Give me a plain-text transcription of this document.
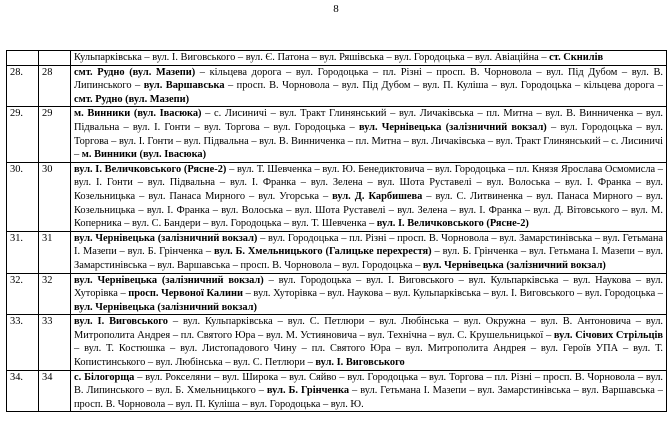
8
		Кульпарківська – вул. І. Виговського – вул. Є. Патона – вул. Ряшівська – вул. Городоцька – вул. Авіаційна – ст. Скнилів
28.	28	смт. Рудно (вул. Мазепи) – кільцева дорога – вул. Городоцька – пл. Різні – просп. В. Чорновола – вул. Під Дубом – вул. В. Липинського – вул. Варшавська – просп. В. Чорновола – вул. Під Дубом – вул. П. Куліша – вул. Городоцька – кільцева дорога – смт. Рудно (вул. Мазепи)
29.	29	м. Винники (вул. Івасюка) – с. Лисиничі – вул. Тракт Глинянський – вул. Личаківська – пл. Митна – вул. В. Винниченка – вул. Підвальна – вул. І. Гонти – вул. Торгова – вул. Городоцька – вул. Чернівецька (залізничний вокзал) – вул. Городоцька – вул. Торгова – вул. І. Гонти – вул. Підвальна – вул. В. Винниченка – пл. Митна – вул. Личаківська – вул. Тракт Глинянський – с. Лисиничі – м. Винники (вул. Івасюка)
30.	30	вул. І. Величковського (Рясне-2) – вул. Т. Шевченка – вул. Ю. Бенедиктовича – вул. Городоцька – пл. Князя Ярослава Осмомисла – вул. І. Гонти – вул. Підвальна – вул. І. Франка – вул. Зелена – вул. Шота Руставелі – вул. Волоська – вул. І. Франка – вул. Козельницька – вул. Панаса Мирного – вул. Угорська – вул. Д. Карбишева – вул. С. Литвиненка – вул. Панаса Мирного – вул. Козельницька – вул. І. Франка – вул. Волоська – вул. Шота Руставелі – вул. Зелена – вул. І. Франка – вул. Д. Вітовського – вул. М. Коперника – вул. С. Бандери – вул. Городоцька – вул. Т. Шевченка – вул. І. Величковського (Рясне-2)
31.	31	вул. Чернівецька (залізничний вокзал) – вул. Городоцька – пл. Різні – просп. В. Чорновола – вул. Замарстинівська – вул. Гетьмана І. Мазепи – вул. Б. Грінченка – вул. Б. Хмельницького (Галицьке перехрестя) – вул. Б. Грінченка – вул. Гетьмана І. Мазепи – вул. Замарстинівська – вул. Варшавська – просп. В. Чорновола – вул. Городоцька – вул. Чернівецька (залізничний вокзал)
32.	32	вул. Чернівецька (залізничний вокзал) – вул. Городоцька – вул. І. Виговського – вул. Кульпарківська – вул. Наукова – вул. Хуторівка – просп. Червоної Калини – вул. Хуторівка – вул. Наукова – вул. Кульпарківська – вул. І. Виговського – вул. Городоцька – вул. Чернівецька (залізничний вокзал)
33.	33	вул. І. Виговського – вул. Кульпарківська – вул. С. Петлюри – вул. Любінська – вул. Окружна – вул. В. Антоновича – вул. Митрополита Андрея – пл. Святого Юра – вул. М. Устияновича – вул. Технічна – вул. С. Крушельницької – вул. Січових Стрільців – вул. Т. Костюшка – вул. Листопадового Чину – пл. Святого Юра – вул. Митрополита Андрея – вул. Героїв УПА – вул. Т. Копистинського – вул. Любінська – вул. С. Петлюри – вул. І. Виговського
34.	34	с. Білогорща – вул. Рокселяни – вул. Широка – вул. Сяйво – вул. Городоцька – вул. Торгова – пл. Різні – просп. В. Чорновола – вул. В. Липинського – вул. Б. Хмельницького – вул. Б. Грінченка – вул. Гетьмана І. Мазепи – вул. Замарстинівська – вул. Варшавська – просп. В. Чорновола – вул. П. Куліша – вул. Городоцька – вул. Ю.
